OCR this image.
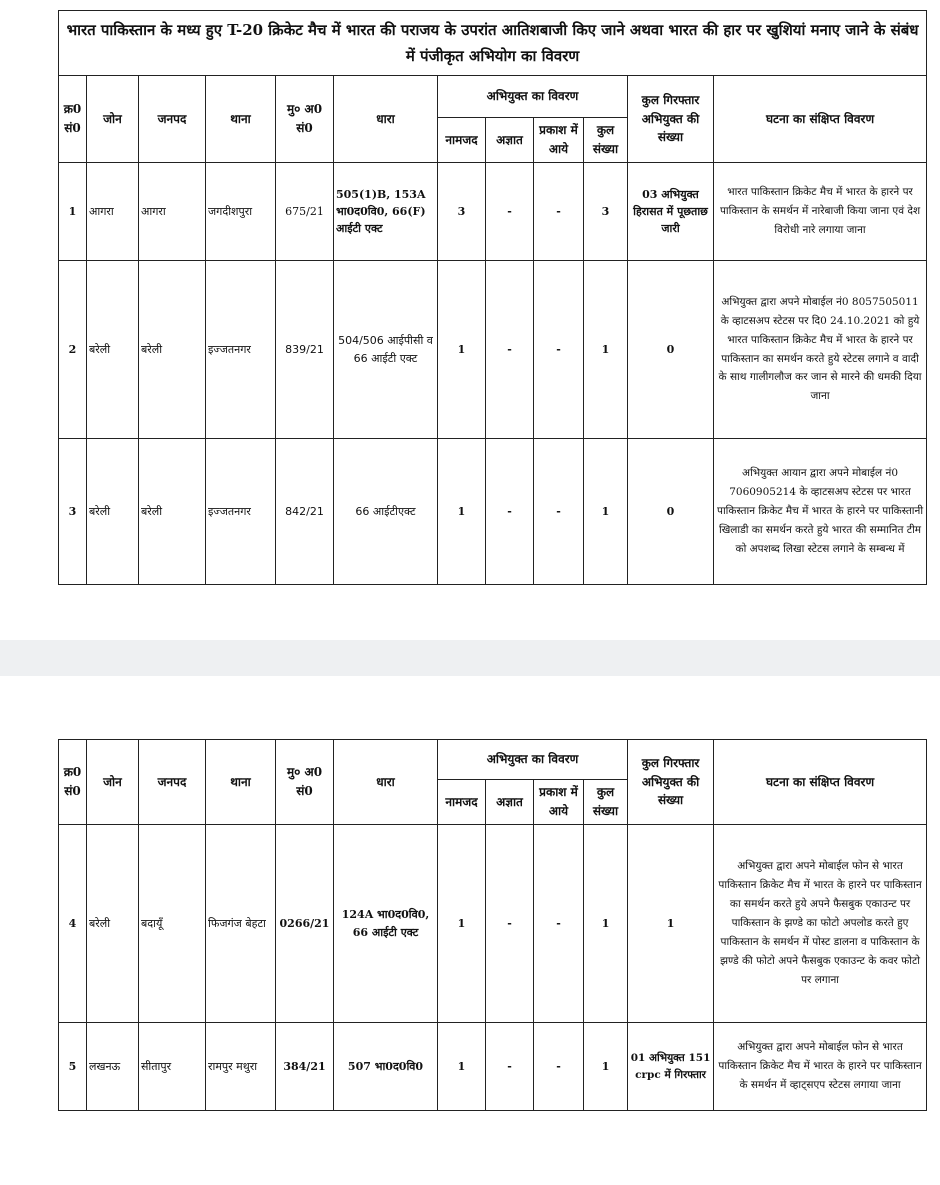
भारत पाकिस्तान के मध्य हुए T-20 क्रिकेट मैच में भारत की पराजय के उपरांत आतिशबाजी किए जाने अथवा भारत की हार पर खुशियां मनाए जाने के संबंध में पंजीकृत अभियोग का विवरण											
क्र0 सं0	जोन	जनपद	थाना	मु० अ0 सं0	धारा	अभियुक्त का विवरण				कुल गिरफ्तार अभियुक्त की संख्या	घटना का संक्षिप्त विवरण
						नामजद	अज्ञात	प्रकाश में आये	कुल संख्या		
1	आगरा	आगरा	जगदीशपुरा	675/21	505(1)B, 153A भा0द0वि0, 66(F) आईटी एक्ट	3	-	-	3	03 अभियुक्त हिरासत में पूछताछ जारी	भारत पाकिस्तान क्रिकेट मैच में भारत के हारने पर पाकिस्तान के समर्थन में नारेबाजी किया जाना एवं देश विरोधी नारे लगाया जाना
2	बरेली	बरेली	इज्जतनगर	839/21	504/506 आईपीसी व 66 आईटी एक्ट	1	-	-	1	0	अभियुक्त द्वारा अपने मोबाईल नं0 8057505011 के व्हाटसअप स्टेटस पर दि0 24.10.2021 को हुये भारत पाकिस्तान क्रिकेट मैच में भारत के हारने पर पाकिस्तान का समर्थन करते हुये स्टेटस लगाने व वादी के साथ गालीगलौज कर जान से मारने की धमकी दिया जाना
3	बरेली	बरेली	इज्जतनगर	842/21	66 आईटीएक्ट	1	-	-	1	0	अभियुक्त आयान द्वारा अपने मोबाईल नं0 7060905214 के व्हाटसअप स्टेटस पर भारत पाकिस्तान क्रिकेट मैच में भारत के हारने पर पाकिस्तानी खिलाडी का समर्थन करते हुये भारत की सम्मानित टीम को अपशब्द लिखा स्टेटस लगाने के सम्बन्ध में
क्र0 सं0	जोन	जनपद	थाना	मु० अ0 सं0	धारा	अभियुक्त का विवरण				कुल गिरफ्तार अभियुक्त की संख्या	घटना का संक्षिप्त विवरण
						नामजद	अज्ञात	प्रकाश में आये	कुल संख्या		
4	बरेली	बदायूँ	फिजगंज बेहटा	0266/21	124A भा0द0वि0, 66 आईटी एक्ट	1	-	-	1	1	अभियुक्त द्वारा अपने मोबाईल फोन से भारत पाकिस्तान क्रिकेट मैच में भारत के हारने पर पाकिस्तान का समर्थन करते हुये अपने फैसबुक एकाउन्ट पर पाकिस्तान के झण्डे का फोटो अपलोड करते हुए पाकिस्तान के समर्थन में पोस्ट डालना व पाकिस्तान के झण्डे की फोटो अपने फैसबुक एकाउन्ट के कवर फोटो पर लगाना
5	लखनऊ	सीतापुर	रामपुर मथुरा	384/21	507 भा0द0वि0	1	-	-	1	01 अभियुक्त 151 crpc में गिरफ्तार	अभियुक्त द्वारा अपने मोबाईल फोन से भारत पाकिस्तान क्रिकेट मैच में भारत के हारने पर पाकिस्तान के समर्थन में व्हाट्सएप स्टेटस लगाया जाना
